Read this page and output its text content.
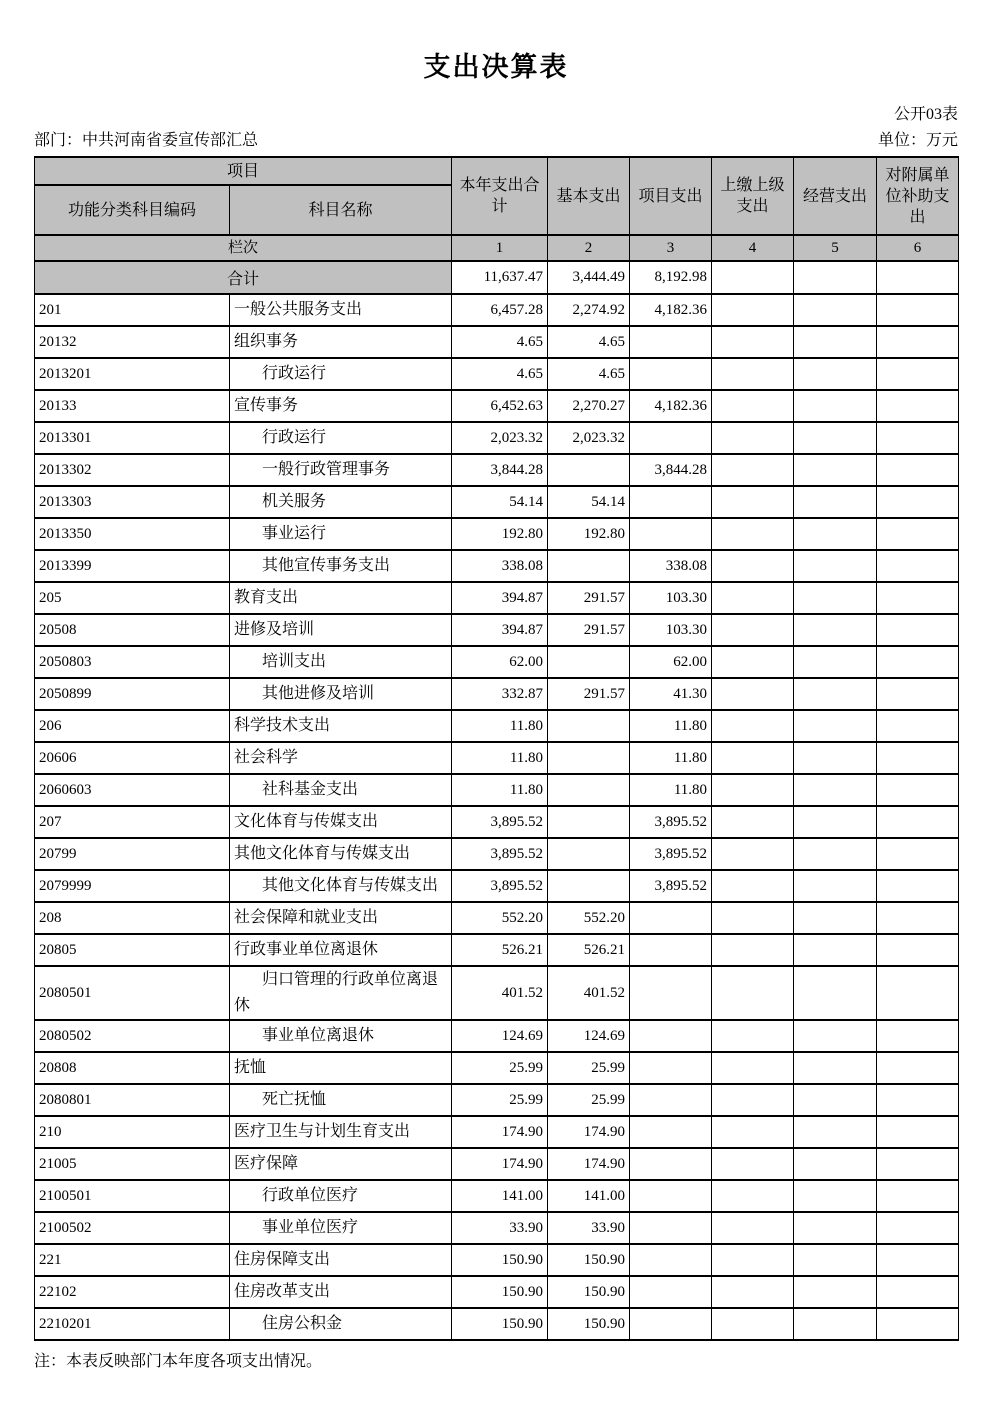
支出决算表
公开03表
部门：中共河南省委宣传部汇总	单位：万元
项目		本年支出合计	基本支出	项目支出	上缴上级支出	经营支出	对附属单位补助支出
功能分类科目编码	科目名称						
栏次		1	2	3	4	5	6
合计		11,637.47	3,444.49	8,192.98			
201	一般公共服务支出	6,457.28	2,274.92	4,182.36			
20132	组织事务	4.65	4.65				
2013201	行政运行	4.65	4.65				
20133	宣传事务	6,452.63	2,270.27	4,182.36			
2013301	行政运行	2,023.32	2,023.32				
2013302	一般行政管理事务	3,844.28		3,844.28			
2013303	机关服务	54.14	54.14				
2013350	事业运行	192.80	192.80				
2013399	其他宣传事务支出	338.08		338.08			
205	教育支出	394.87	291.57	103.30			
20508	进修及培训	394.87	291.57	103.30			
2050803	培训支出	62.00		62.00			
2050899	其他进修及培训	332.87	291.57	41.30			
206	科学技术支出	11.80		11.80			
20606	社会科学	11.80		11.80			
2060603	社科基金支出	11.80		11.80			
207	文化体育与传媒支出	3,895.52		3,895.52			
20799	其他文化体育与传媒支出	3,895.52		3,895.52			
2079999	其他文化体育与传媒支出	3,895.52		3,895.52			
208	社会保障和就业支出	552.20	552.20				
20805	行政事业单位离退休	526.21	526.21				
2080501	归口管理的行政单位离退休	401.52	401.52				
2080502	事业单位离退休	124.69	124.69				
20808	抚恤	25.99	25.99				
2080801	死亡抚恤	25.99	25.99				
210	医疗卫生与计划生育支出	174.90	174.90				
21005	医疗保障	174.90	174.90				
2100501	行政单位医疗	141.00	141.00				
2100502	事业单位医疗	33.90	33.90				
221	住房保障支出	150.90	150.90				
22102	住房改革支出	150.90	150.90				
2210201	住房公积金	150.90	150.90				
注：本表反映部门本年度各项支出情况。
